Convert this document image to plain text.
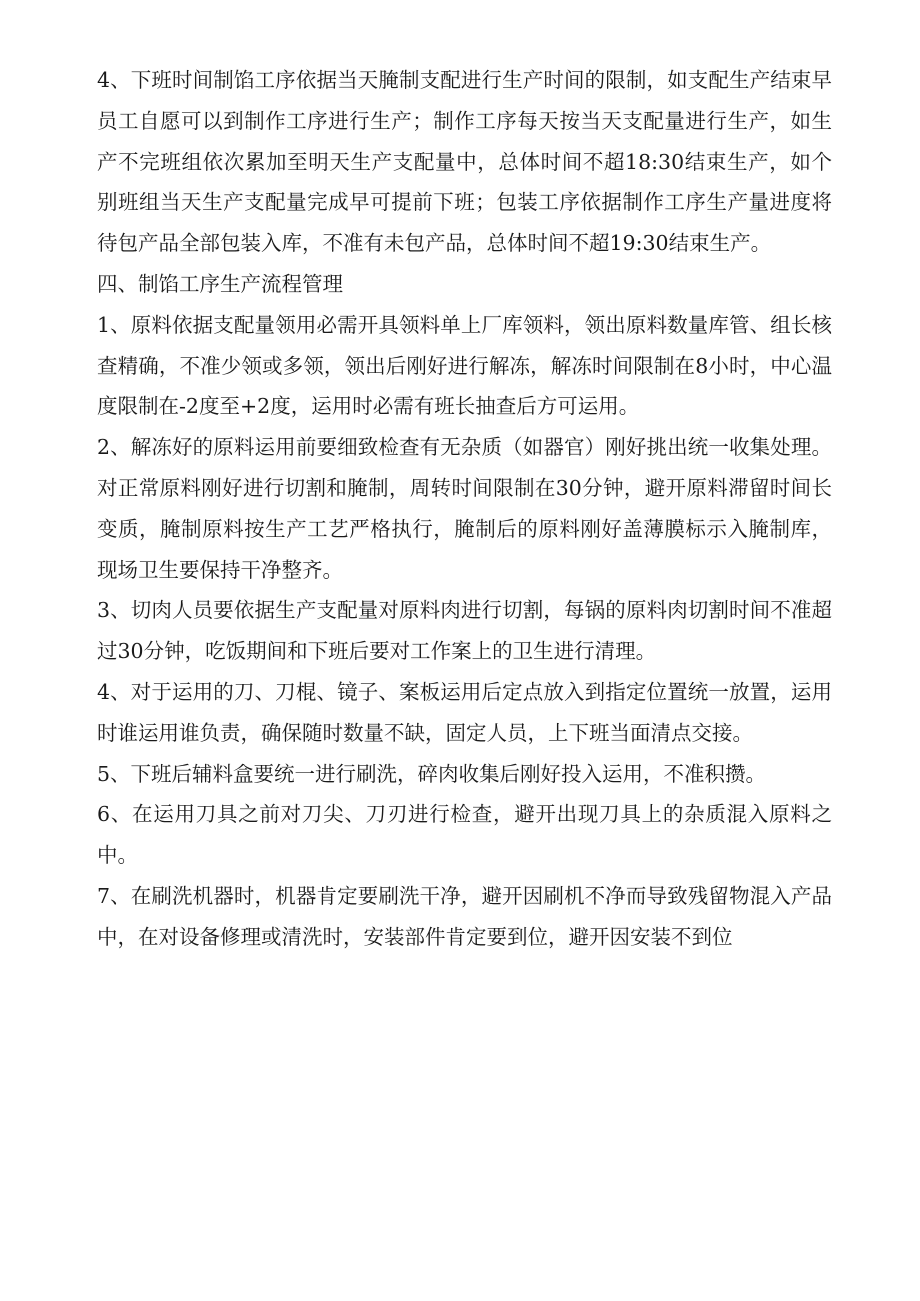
4、下班时间制馅工序依据当天腌制支配进行生产时间的限制，如支配生产结束早员工自愿可以到制作工序进行生产；制作工序每天按当天支配量进行生产，如生产不完班组依次累加至明天生产支配量中，总体时间不超18:30结束生产，如个别班组当天生产支配量完成早可提前下班；包装工序依据制作工序生产量进度将待包产品全部包装入库，不准有未包产品，总体时间不超19:30结束生产。

四、制馅工序生产流程管理

1、原料依据支配量领用必需开具领料单上厂库领料，领出原料数量库管、组长核查精确，不准少领或多领，领出后刚好进行解冻，解冻时间限制在8小时，中心温度限制在-2度至+2度，运用时必需有班长抽查后方可运用。

2、解冻好的原料运用前要细致检查有无杂质（如器官）刚好挑出统一收集处理。对正常原料刚好进行切割和腌制，周转时间限制在30分钟，避开原料滞留时间长变质，腌制原料按生产工艺严格执行，腌制后的原料刚好盖薄膜标示入腌制库，现场卫生要保持干净整齐。

3、切肉人员要依据生产支配量对原料肉进行切割，每锅的原料肉切割时间不准超过30分钟，吃饭期间和下班后要对工作案上的卫生进行清理。

4、对于运用的刀、刀棍、镜子、案板运用后定点放入到指定位置统一放置，运用时谁运用谁负责，确保随时数量不缺，固定人员，上下班当面清点交接。

5、下班后辅料盒要统一进行刷洗，碎肉收集后刚好投入运用，不准积攒。

6、在运用刀具之前对刀尖、刀刃进行检查，避开出现刀具上的杂质混入原料之中。

7、在刷洗机器时，机器肯定要刷洗干净，避开因刷机不净而导致残留物混入产品中，在对设备修理或清洗时，安装部件肯定要到位，避开因安装不到位
